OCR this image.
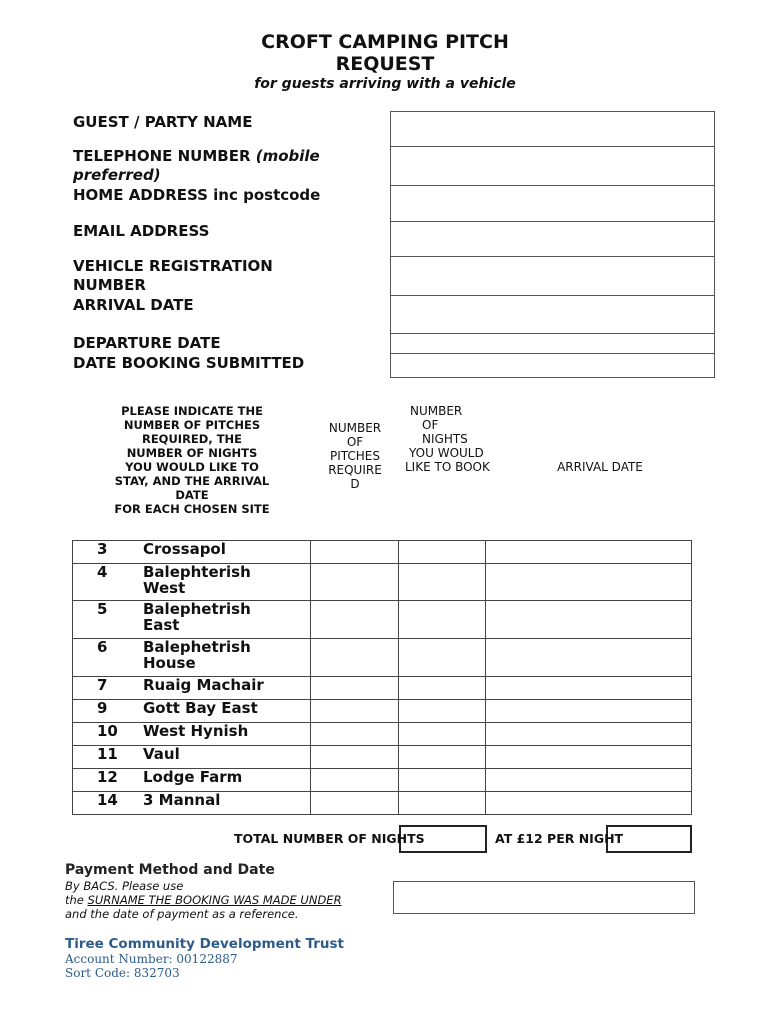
CROFT CAMPING PITCH
REQUEST
for guests arriving with a vehicle
GUEST / PARTY NAME
TELEPHONE NUMBER (mobile
preferred)
HOME ADDRESS inc postcode
EMAIL ADDRESS
VEHICLE REGISTRATION
NUMBER
ARRIVAL DATE
DEPARTURE DATE
DATE BOOKING SUBMITTED
PLEASE INDICATE THE
NUMBER OF PITCHES
REQUIRED, THE
NUMBER OF NIGHTS
YOU WOULD LIKE TO
STAY, AND THE ARRIVAL
DATE
FOR EACH CHOSEN SITE
NUMBER
OF
PITCHES
REQUIRE
D
NUMBER
OF
NIGHTS
YOU WOULD
LIKE TO BOOK	ARRIVAL DATE
3 Crossapol			
4 Balephterish
West			
5 Balephetrish
East			
6 Balephetrish
House			
7 Ruaig Machair			
9 Gott Bay East			
10 West Hynish			
11 Vaul			
12 Lodge Farm			
14 3 Mannal			
TOTAL NUMBER OF NIGHTS	AT £12 PER NIGHT
Payment Method and Date
By BACS. Please use
the SURNAME THE BOOKING WAS MADE UNDER
and the date of payment as a reference.
Tiree Community Development Trust
Account Number: 00122887
Sort Code: 832703
